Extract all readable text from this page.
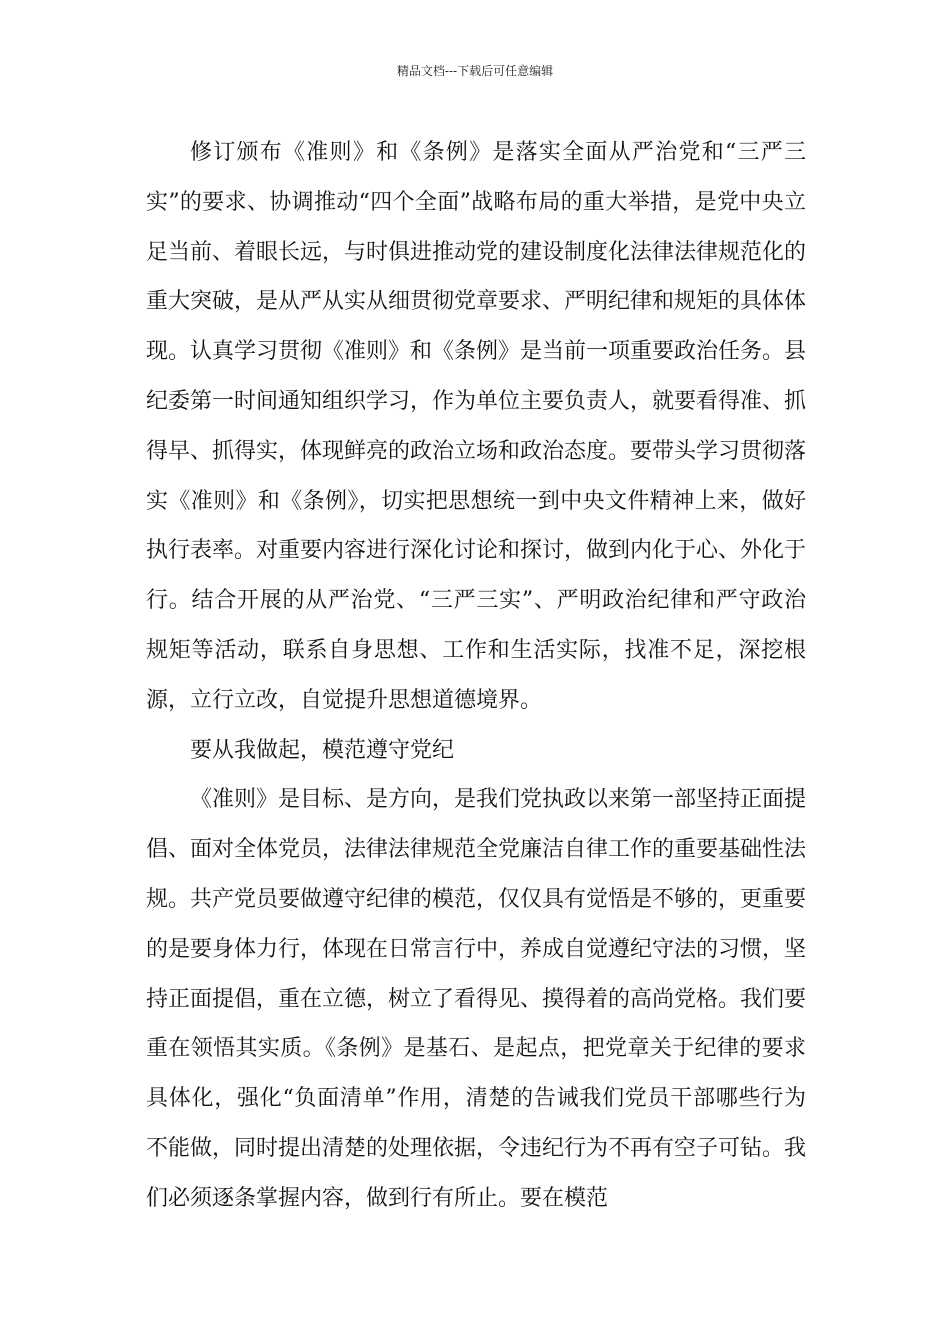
精品文档---下载后可任意编辑

修订颁布《准则》和《条例》是落实全面从严治党和“三严三实”的要求、协调推动“四个全面”战略布局的重大举措，是党中央立足当前、着眼长远，与时俱进推动党的建设制度化法律法律规范化的重大突破，是从严从实从细贯彻党章要求、严明纪律和规矩的具体体现。认真学习贯彻《准则》和《条例》是当前一项重要政治任务。县纪委第一时间通知组织学习，作为单位主要负责人，就要看得准、抓得早、抓得实，体现鲜亮的政治立场和政治态度。要带头学习贯彻落实《准则》和《条例》，切实把思想统一到中央文件精神上来，做好执行表率。对重要内容进行深化讨论和探讨，做到内化于心、外化于行。结合开展的从严治党、“三严三实”、严明政治纪律和严守政治规矩等活动，联系自身思想、工作和生活实际，找准不足，深挖根源，立行立改，自觉提升思想道德境界。

要从我做起，模范遵守党纪

《准则》是目标、是方向，是我们党执政以来第一部坚持正面提倡、面对全体党员，法律法律规范全党廉洁自律工作的重要基础性法规。共产党员要做遵守纪律的模范，仅仅具有觉悟是不够的，更重要的是要身体力行，体现在日常言行中，养成自觉遵纪守法的习惯，坚持正面提倡，重在立德，树立了看得见、摸得着的高尚党格。我们要重在领悟其实质。《条例》是基石、是起点，把党章关于纪律的要求具体化，强化“负面清单”作用，清楚的告诫我们党员干部哪些行为不能做，同时提出清楚的处理依据，令违纪行为不再有空子可钻。我们必须逐条掌握内容，做到行有所止。要在模范
